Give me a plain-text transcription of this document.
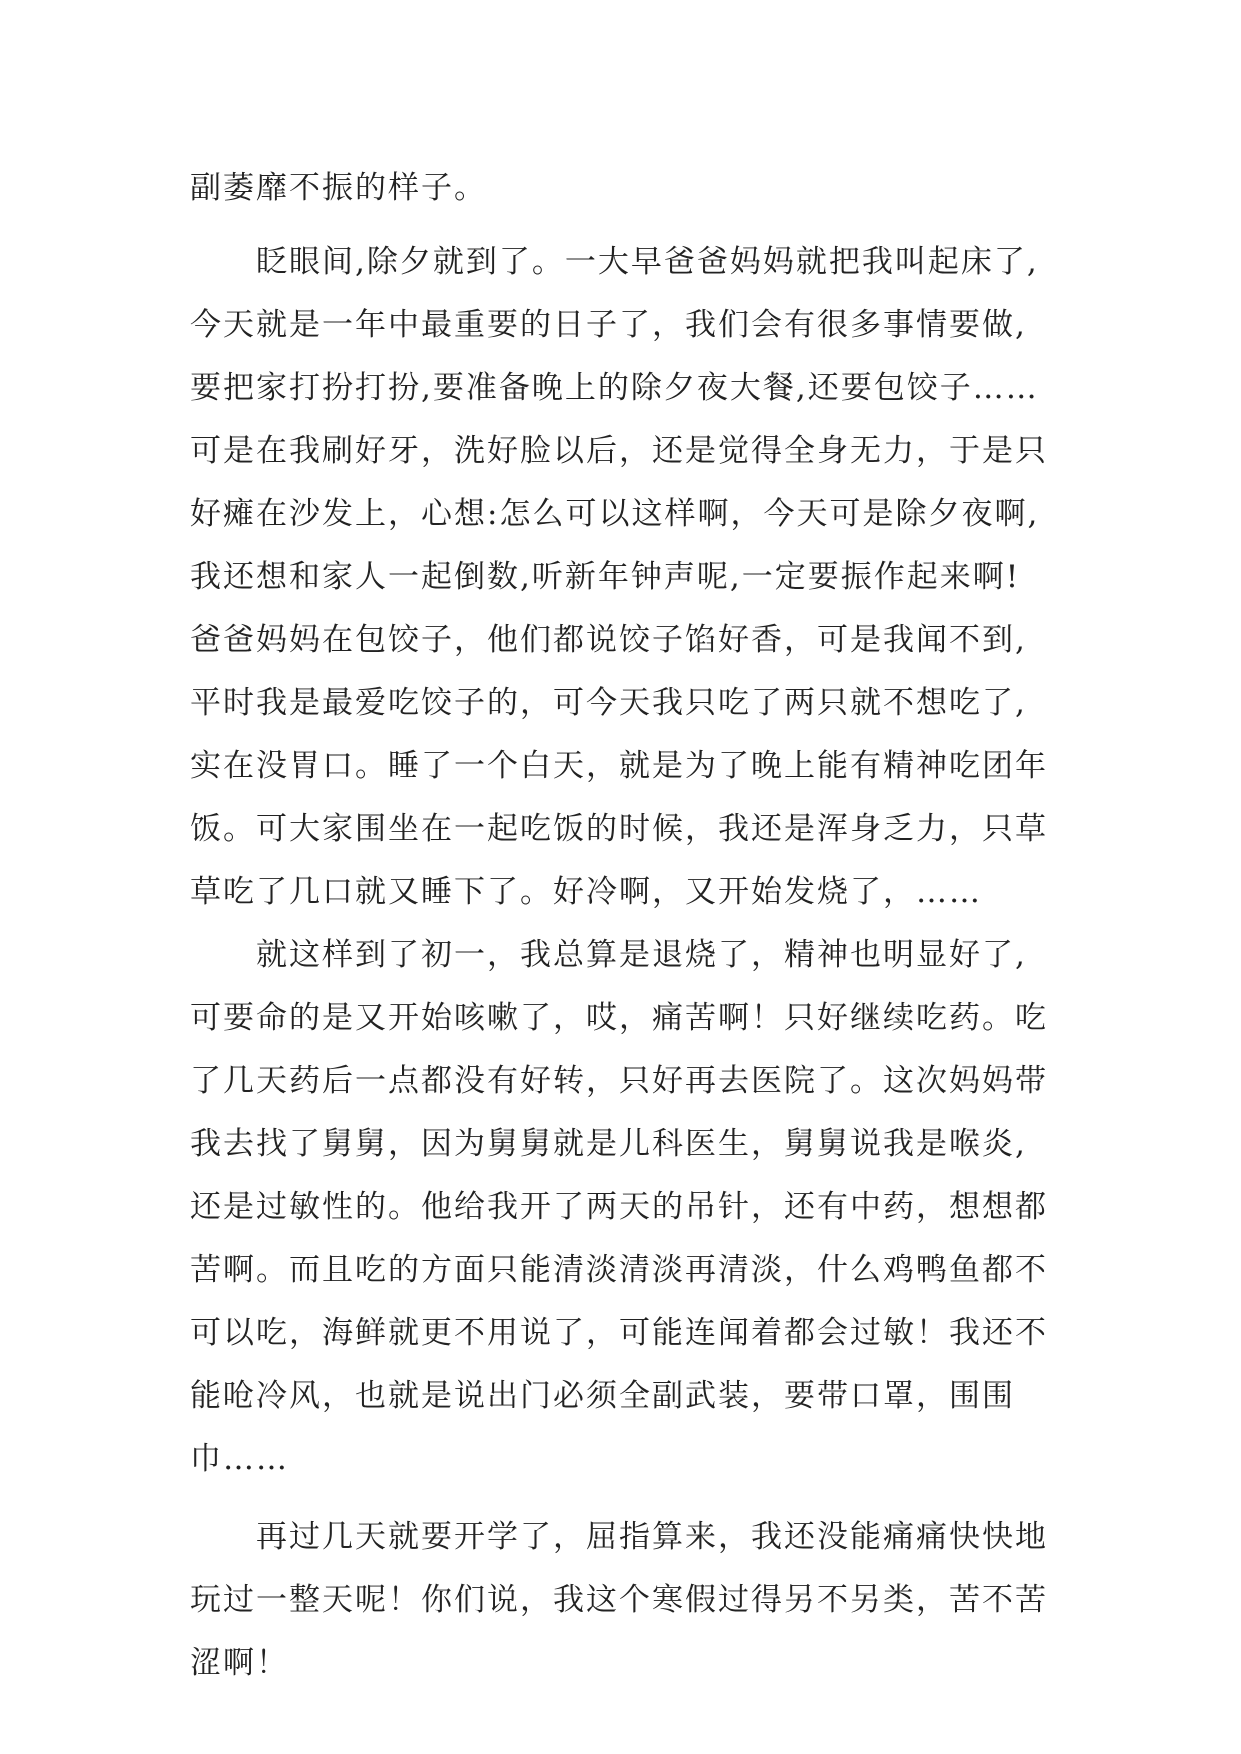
副萎靡不振的样子。
眨眼间,除夕就到了。一大早爸爸妈妈就把我叫起床了,
今天就是一年中最重要的日子了，我们会有很多事情要做,
要把家打扮打扮,要准备晚上的除夕夜大餐,还要包饺子……
可是在我刷好牙，洗好脸以后，还是觉得全身无力，于是只
好瘫在沙发上，心想:怎么可以这样啊，今天可是除夕夜啊,
我还想和家人一起倒数,听新年钟声呢,一定要振作起来啊!
爸爸妈妈在包饺子，他们都说饺子馅好香，可是我闻不到,
平时我是最爱吃饺子的，可今天我只吃了两只就不想吃了,
实在没胃口。睡了一个白天，就是为了晚上能有精神吃团年
饭。可大家围坐在一起吃饭的时候，我还是浑身乏力，只草
草吃了几口就又睡下了。好冷啊，又开始发烧了，……
就这样到了初一，我总算是退烧了，精神也明显好了,
可要命的是又开始咳嗽了，哎，痛苦啊！只好继续吃药。吃
了几天药后一点都没有好转，只好再去医院了。这次妈妈带
我去找了舅舅，因为舅舅就是儿科医生，舅舅说我是喉炎,
还是过敏性的。他给我开了两天的吊针，还有中药，想想都
苦啊。而且吃的方面只能清淡清淡再清淡，什么鸡鸭鱼都不
可以吃，海鲜就更不用说了，可能连闻着都会过敏！我还不
能呛冷风，也就是说出门必须全副武装，要带口罩，围围
巾……
再过几天就要开学了，屈指算来，我还没能痛痛快快地
玩过一整天呢！你们说，我这个寒假过得另不另类，苦不苦
涩啊！
